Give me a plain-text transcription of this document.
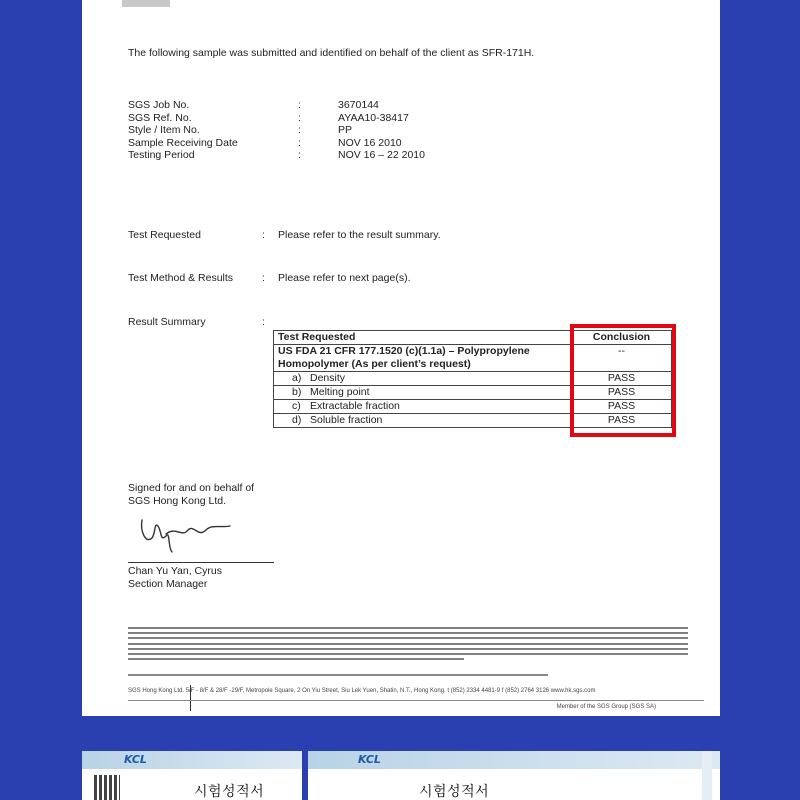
The following sample was submitted and identified on behalf of the client as SFR-171H.
SGS Job No.	:	3670144
SGS Ref. No.	:	AYAA10-38417
Style / Item No.	:	PP
Sample Receiving Date	:	NOV 16 2010
Testing Period	:	NOV 16 – 22 2010
Test Requested	:	Please refer to the result summary.
Test Method & Results	:	Please refer to next page(s).
Result Summary	:
Test Requested	Conclusion

US FDA 21 CFR 177.1520 (c)(1.1a) – Polypropylene
Homopolymer (As per client’s request)	--

a) Density	PASS

b) Melting point	PASS

c) Extractable fraction	PASS

d) Soluble fraction	PASS
Signed for and on behalf of
SGS Hong Kong Ltd.
Chan Yu Yan, Cyrus
Section Manager
SGS Hong Kong Ltd. 5/F - 8/F & 28/F -29/F, Metropole Square, 2 On Yiu Street, Siu Lek Yuen, Shatin, N.T., Hong Kong. t (852) 2334 4481-9 f (852) 2764 3126 www.hk.sgs.com
Member of the SGS Group (SGS SA)
KCL
시험성적서
KCL
시험성적서
